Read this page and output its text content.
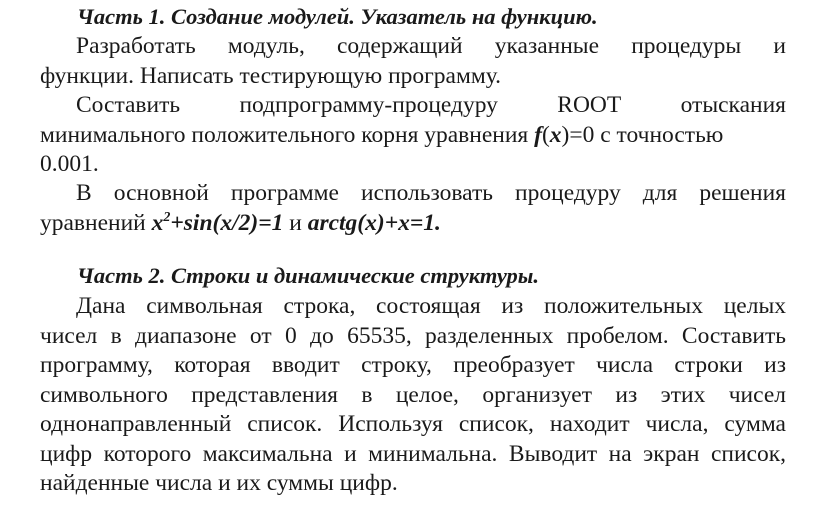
Часть 1. Создание модулей. Указатель на функцию.
Разработать модуль, содержащий указанные процедуры и
функции. Написать тестирующую программу.
Составить	подпрограмму-процедуру	ROOT	отыскания
минимального положительного корня уравнения f(x)=0 с точностью
0.001.
В основной программе использовать процедуру для решения
уравнений $x^2+\sin(x/2)=1$ и arctg(x)+x=1.
Часть 2. Строки и динамические структуры.
Дана символьная строка, состоящая из положительных целых
чисел в диапазоне от 0 до 65535, разделенных пробелом. Составить
программу, которая вводит строку, преобразует числа строки из
символьного представления в целое, организует из этих чисел
однонаправленный список. Используя список, находит числа, сумма
цифр которого максимальна и минимальна. Выводит на экран список,
найденные числа и их суммы цифр.
